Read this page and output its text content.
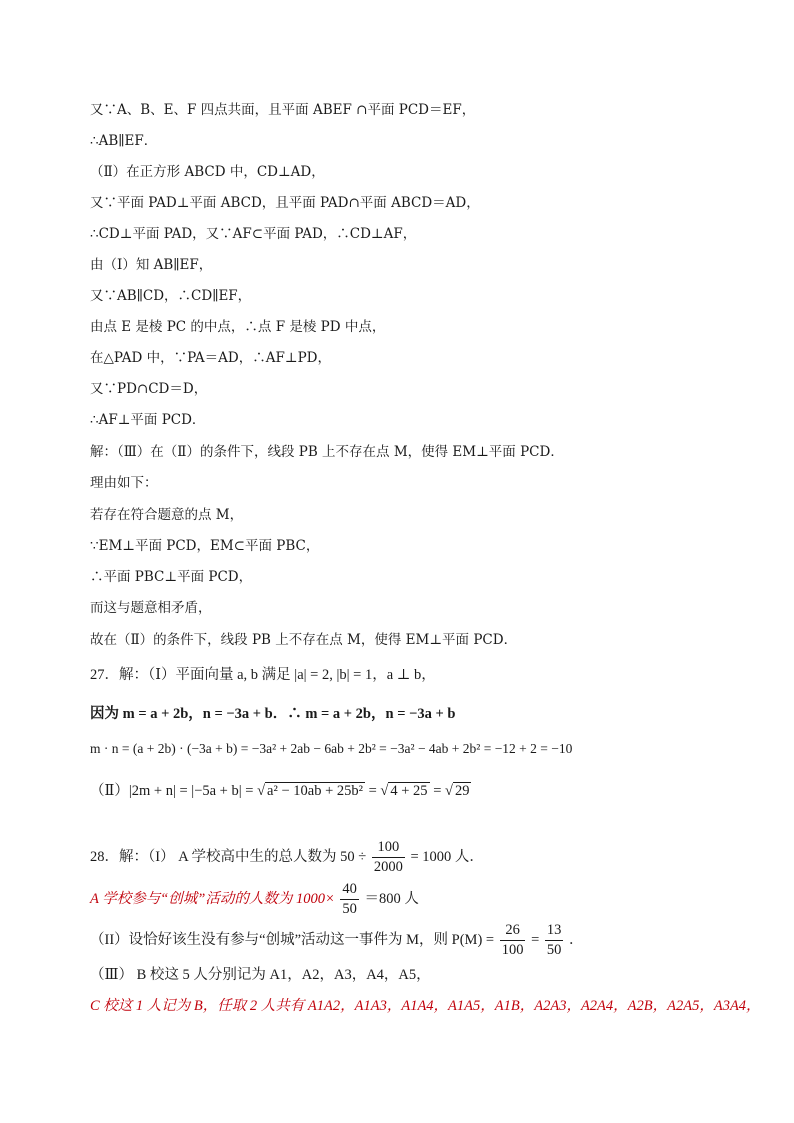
又∵A、B、E、F 四点共面，且平面 ABEF ∩平面 PCD＝EF，
∴AB∥EF．
（Ⅱ）在正方形 ABCD 中，CD⊥AD，
又∵平面 PAD⊥平面 ABCD，且平面 PAD∩平面 ABCD＝AD，
∴CD⊥平面 PAD，又∵AF⊂平面 PAD，∴CD⊥AF，
由（Ⅰ）知 AB∥EF，
又∵AB∥CD，∴CD∥EF，
由点 E 是棱 PC 的中点，∴点 F 是棱 PD 中点，
在△PAD 中，∵PA＝AD，∴AF⊥PD，
又∵PD∩CD＝D，
∴AF⊥平面 PCD．
解：（Ⅲ）在（Ⅱ）的条件下，线段 PB 上不存在点 M，使得 EM⊥平面 PCD．
理由如下：
若存在符合题意的点 M，
∵EM⊥平面 PCD，EM⊂平面 PBC，
∴平面 PBC⊥平面 PCD，
而这与题意相矛盾，
故在（Ⅱ）的条件下，线段 PB 上不存在点 M，使得 EM⊥平面 PCD．
27．解：（Ⅰ）平面向量 a, b 满足 |a| = 2, |b| = 1，a ⊥ b，
因为 m = a + 2b，n = −3a + b．∴ m = a + 2b，n = −3a + b
m · n = (a + 2b) · (−3a + b) = −3a² + 2ab − 6ab + 2b² = −3a² − 4ab + 2b² = −12 + 2 = −10
（Ⅱ）|2m + n| = |−5a + b| = √ a² − 10ab + 25b² = √ 4 + 25 = √ 29
28．解：（I） A 学校高中生的总人数为 $50 \div \frac{100}{2000} = 1000$ 人．
A 学校参与“创城”活动的人数为 $1000\times \frac{40}{50} =800$ 人
（II）设恰好该生没有参与“创城”活动这一事件为 M，则 $P(M) = \frac{26}{100} = \frac{13}{50}$ ．
（Ⅲ） B 校这 5 人分别记为 A1，A2，A3，A4，A5，
C 校这 1 人记为 B，任取 2 人共有 A1A2，A1A3，A1A4，A1A5，A1B，A2A3，A2A4，A2B，A2A5，A3A4，
